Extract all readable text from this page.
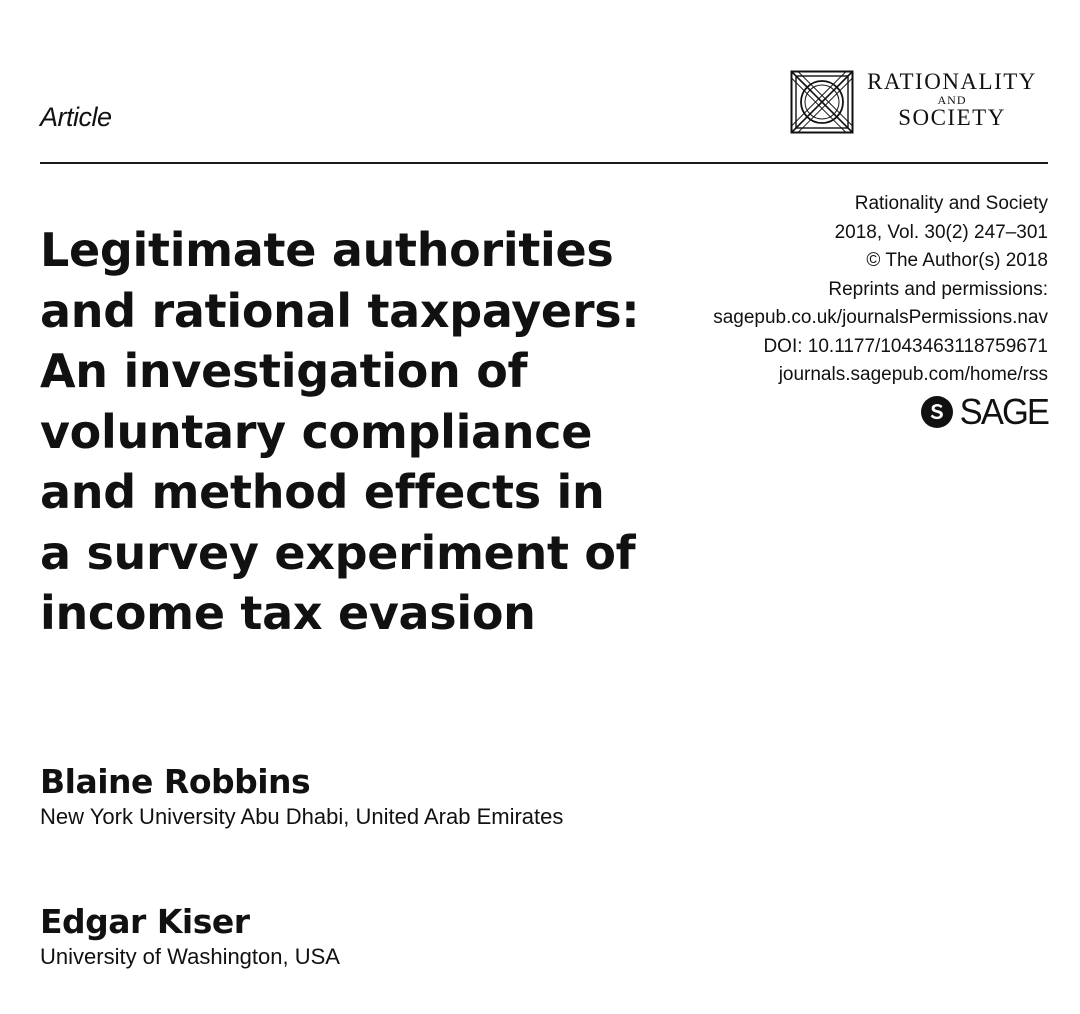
Article
RATIONALITY
AND
SOCIETY
Rationality and Society
2018, Vol. 30(2) 247–301
© The Author(s) 2018
Reprints and permissions:
sagepub.co.uk/journalsPermissions.nav
DOI: 10.1177/1043463118759671
journals.sagepub.com/home/rss
SAGE
Legitimate authorities
and rational taxpayers:
An investigation of
voluntary compliance
and method effects in
a survey experiment of
income tax evasion
Blaine Robbins
New York University Abu Dhabi, United Arab Emirates
Edgar Kiser
University of Washington, USA
